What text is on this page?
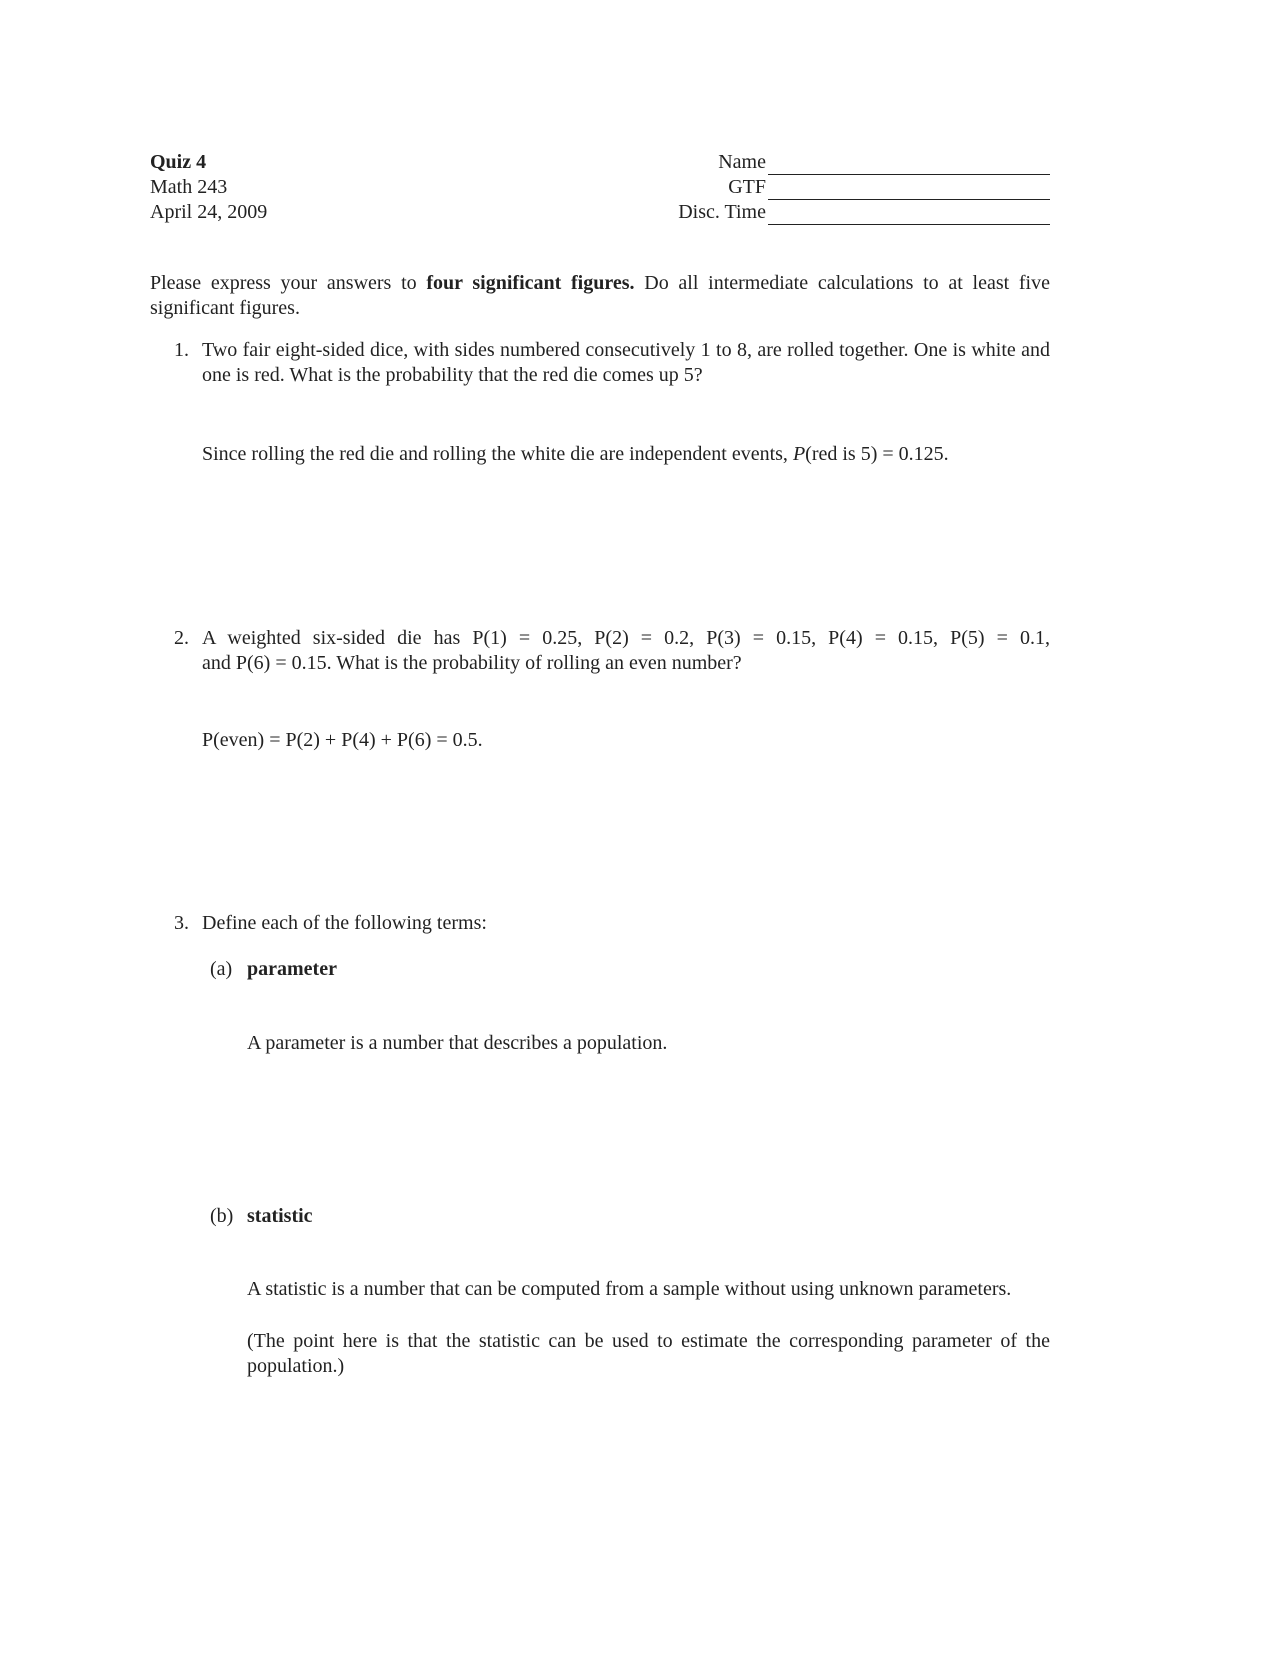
Quiz 4
Math 243
April 24, 2009
Name
GTF
Disc. Time
Please express your answers to four significant figures. Do all intermediate calculations to at least five significant figures.
1. Two fair eight-sided dice, with sides numbered consecutively 1 to 8, are rolled together. One is white and one is red. What is the probability that the red die comes up 5?
Since rolling the red die and rolling the white die are independent events, P(red is 5) = 0.125.
2. A weighted six-sided die has P(1) = 0.25, P(2) = 0.2, P(3) = 0.15, P(4) = 0.15, P(5) = 0.1,
and P(6) = 0.15. What is the probability of rolling an even number?
P(even) = P(2) + P(4) + P(6) = 0.5.
3. Define each of the following terms:
(a) parameter
A parameter is a number that describes a population.
(b) statistic
A statistic is a number that can be computed from a sample without using unknown parameters.
(The point here is that the statistic can be used to estimate the corresponding parameter of the population.)
